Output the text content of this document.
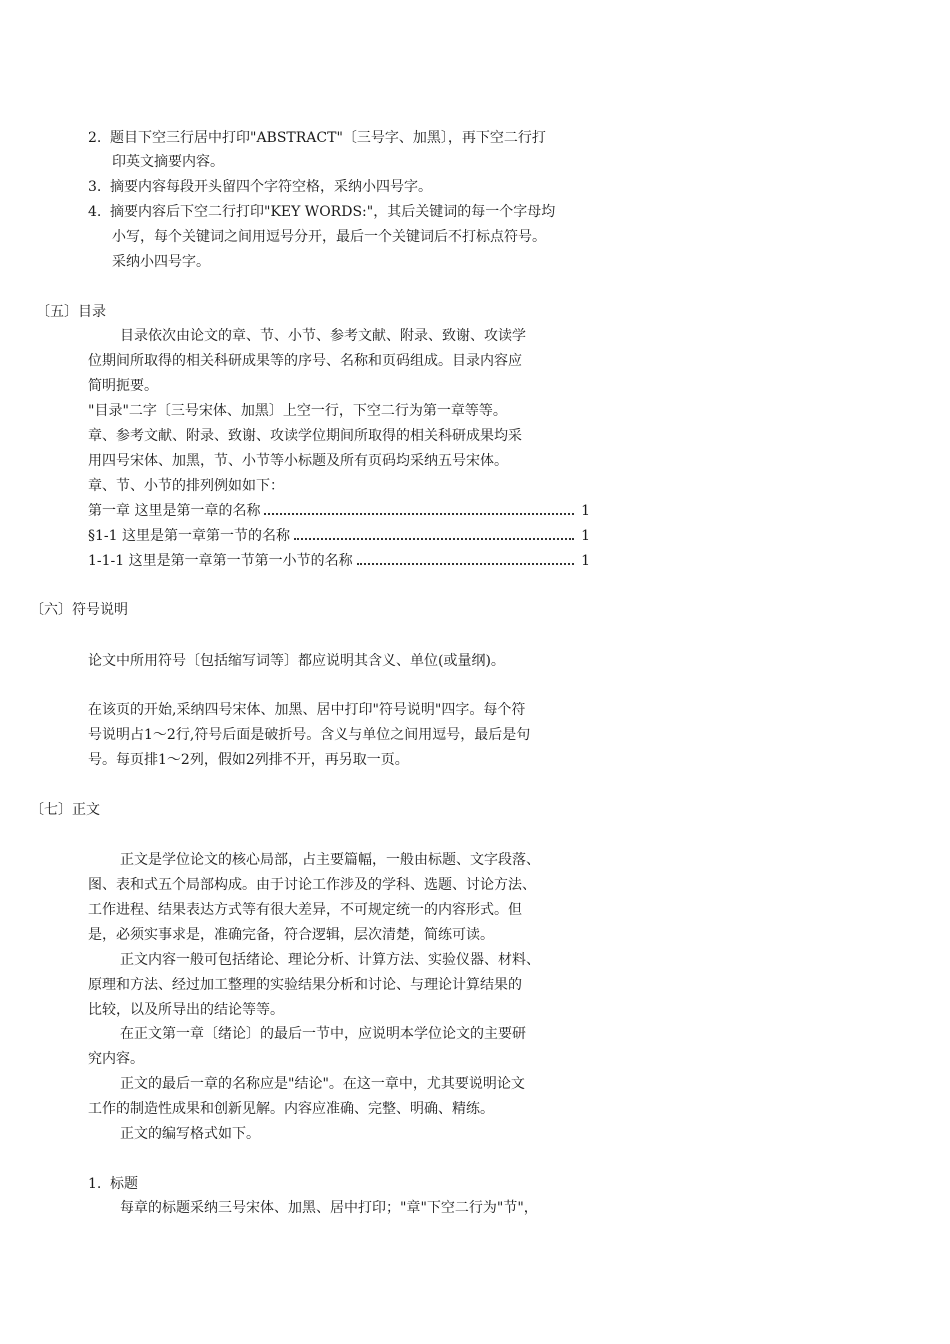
2. 题目下空三行居中打印"ABSTRACT"〔三号字、加黑〕，再下空二行打
印英文摘要内容。
3. 摘要内容每段开头留四个字符空格，采纳小四号字。
4. 摘要内容后下空二行打印"KEY WORDS:"，其后关键词的每一个字母均
小写，每个关键词之间用逗号分开，最后一个关键词后不打标点符号。
采纳小四号字。
〔五〕目录
目录依次由论文的章、节、小节、参考文献、附录、致谢、攻读学
位期间所取得的相关科研成果等的序号、名称和页码组成。目录内容应
简明扼要。
"目录"二字〔三号宋体、加黑〕上空一行，下空二行为第一章等等。
章、参考文献、附录、致谢、攻读学位期间所取得的相关科研成果均采
用四号宋体、加黑，节、小节等小标题及所有页码均采纳五号宋体。
章、节、小节的排列例如如下：
第一章 这里是第一章的名称	1
§1-1 这里是第一章第一节的名称	1
1-1-1 这里是第一章第一节第一小节的名称	1
〔六〕符号说明
论文中所用符号〔包括缩写词等〕都应说明其含义、单位(或量纲)。
在该页的开始,采纳四号宋体、加黑、居中打印"符号说明"四字。每个符
号说明占1～2行,符号后面是破折号。含义与单位之间用逗号，最后是句
号。每页排1～2列，假如2列排不开，再另取一页。
〔七〕正文
正文是学位论文的核心局部，占主要篇幅，一般由标题、文字段落、
图、表和式五个局部构成。由于讨论工作涉及的学科、选题、讨论方法、
工作进程、结果表达方式等有很大差异，不可规定统一的内容形式。但
是，必须实事求是，准确完备，符合逻辑，层次清楚，简练可读。
正文内容一般可包括绪论、理论分析、计算方法、实验仪器、材料、
原理和方法、经过加工整理的实验结果分析和讨论、与理论计算结果的
比较，以及所导出的结论等等。
在正文第一章〔绪论〕的最后一节中，应说明本学位论文的主要研
究内容。
正文的最后一章的名称应是"结论"。在这一章中，尤其要说明论文
工作的制造性成果和创新见解。内容应准确、完整、明确、精练。
正文的编写格式如下。
1. 标题
每章的标题采纳三号宋体、加黑、居中打印；"章"下空二行为"节"，
